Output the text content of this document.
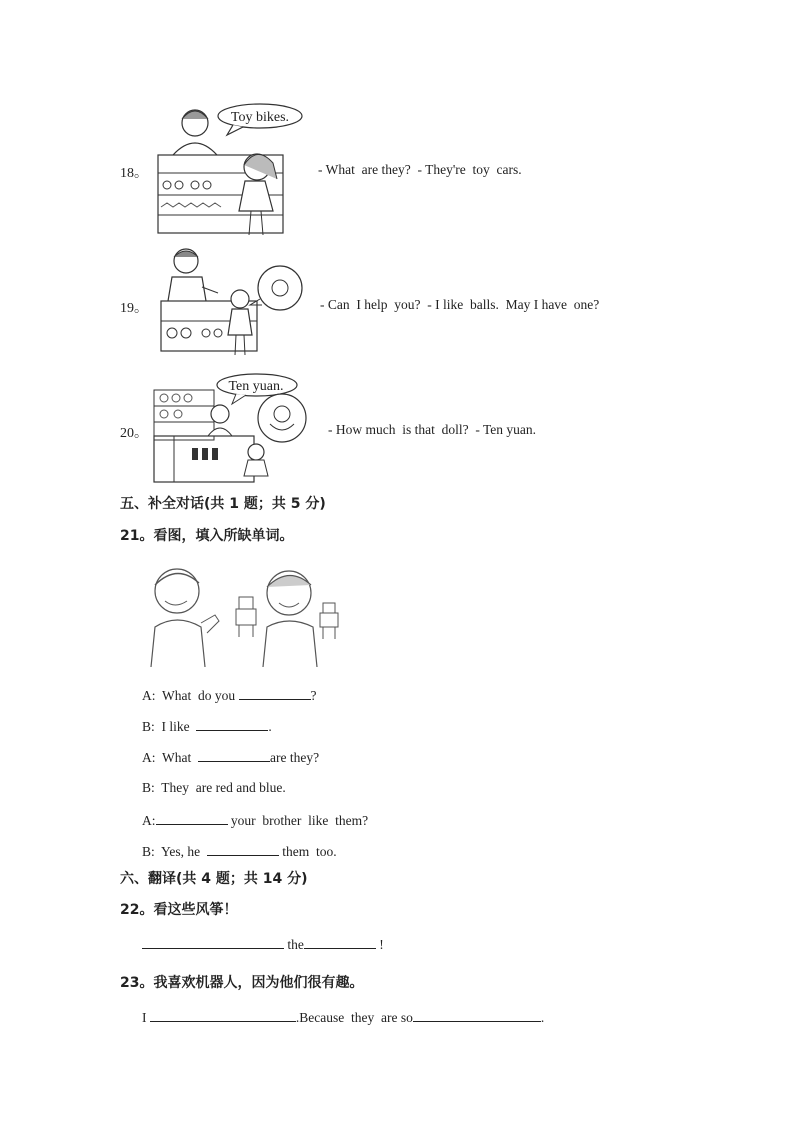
18。
Toy bikes.
- What  are they?  - They're  toy  cars.
19。	- Can  I help  you?  - I like  balls.  May I have  one?
20。
Ten yuan.
- How much  is that  doll?  - Ten yuan.
五、补全对话(共 1 题；共 5 分)
21。看图，填入所缺单词。
A:  What  do you	?
B:  I like	.
A:  What	are they?
B:  They  are red and blue.
A:	your  brother  like  them?
B:  Yes, he	them  too.
六、翻译(共 4 题；共 14 分)
22。看这些风筝！
the	!
23。我喜欢机器人，因为他们很有趣。
I	.Because  they  are so	.
